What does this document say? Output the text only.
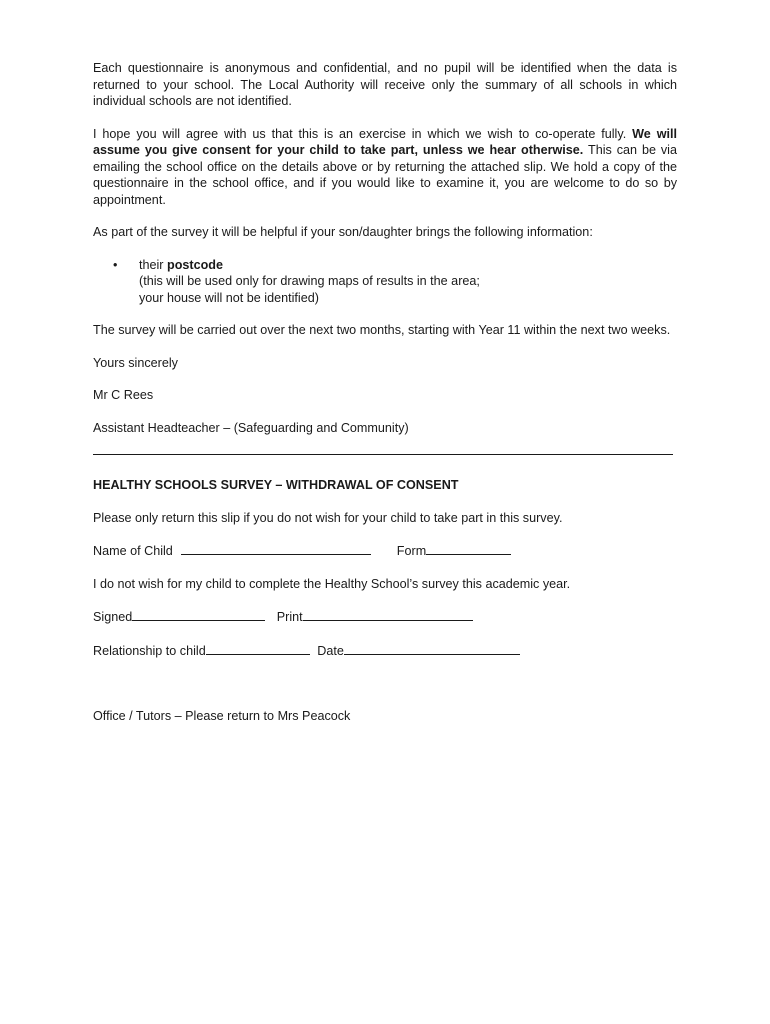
Each questionnaire is anonymous and confidential, and no pupil will be identified when the data is returned to your school. The Local Authority will receive only the summary of all schools in which individual schools are not identified.

I hope you will agree with us that this is an exercise in which we wish to co-operate fully. We will assume you give consent for your child to take part, unless we hear otherwise. This can be via emailing the school office on the details above or by returning the attached slip. We hold a copy of the questionnaire in the school office, and if you would like to examine it, you are welcome to do so by appointment.

As part of the survey it will be helpful if your son/daughter brings the following information:

• their postcode
(this will be used only for drawing maps of results in the area;
your house will not be identified)

The survey will be carried out over the next two months, starting with Year 11 within the next two weeks.

Yours sincerely

Mr C Rees

Assistant Headteacher – (Safeguarding and Community)

HEALTHY SCHOOLS SURVEY – WITHDRAWAL OF CONSENT

Please only return this slip if you do not wish for your child to take part in this survey.

Name of Child	Form

I do not wish for my child to complete the Healthy School’s survey this academic year.

Signed	Print
Relationship to child	Date

Office / Tutors – Please return to Mrs Peacock
